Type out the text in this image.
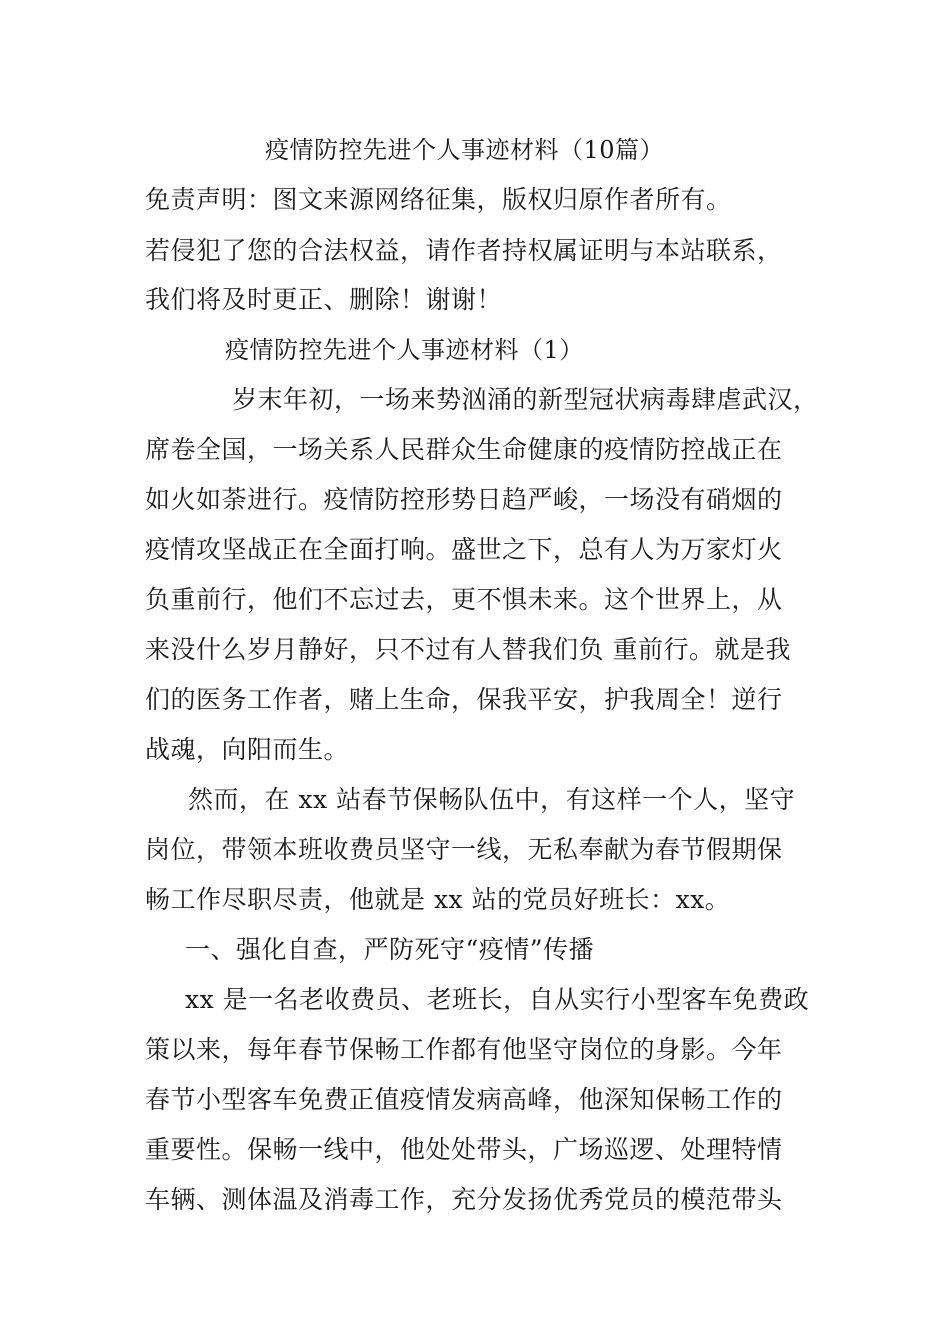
疫情防控先进个人事迹材料（10篇）
免责声明：图文来源网络征集，版权归原作者所有。
若侵犯了您的合法权益，请作者持权属证明与本站联系，
我们将及时更正、删除！谢谢！
疫情防控先进个人事迹材料（1）
岁末年初，一场来势汹涌的新型冠状病毒肆虐武汉，
席卷全国，一场关系人民群众生命健康的疫情防控战正在
如火如荼进行。疫情防控形势日趋严峻，一场没有硝烟的
疫情攻坚战正在全面打响。盛世之下，总有人为万家灯火
负重前行，他们不忘过去，更不惧未来。这个世界上，从
来没什么岁月静好，只不过有人替我们负 重前行。就是我
们的医务工作者，赌上生命，保我平安，护我周全！逆行
战魂，向阳而生。
然而，在 xx 站春节保畅队伍中，有这样一个人，坚守
岗位，带领本班收费员坚守一线，无私奉献为春节假期保
畅工作尽职尽责，他就是 xx 站的党员好班长：xx。
一、强化自查，严防死守“疫情”传播
xx 是一名老收费员、老班长，自从实行小型客车免费政
策以来，每年春节保畅工作都有他坚守岗位的身影。今年
春节小型客车免费正值疫情发病高峰，他深知保畅工作的
重要性。保畅一线中，他处处带头，广场巡逻、处理特情
车辆、测体温及消毒工作，充分发扬优秀党员的模范带头
